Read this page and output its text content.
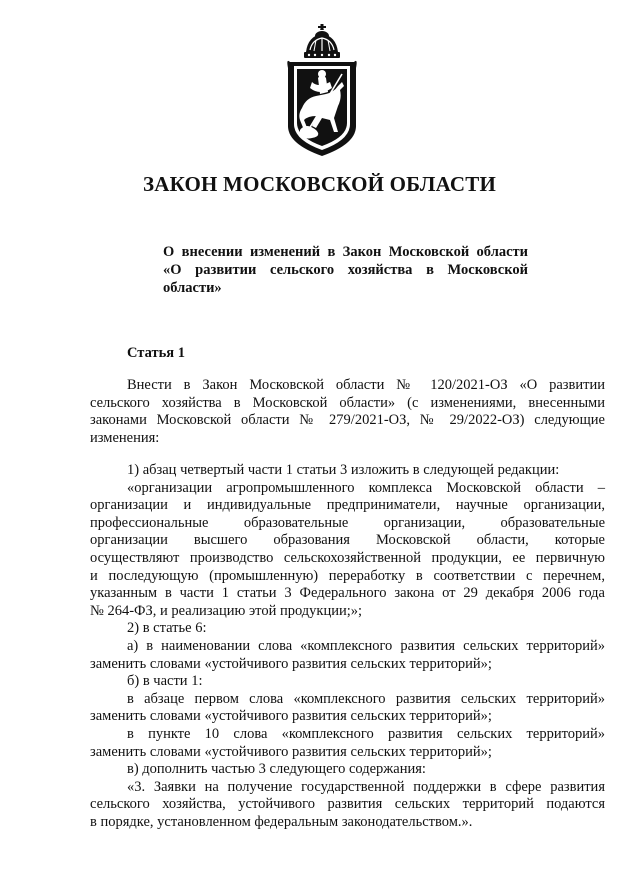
ЗАКОН МОСКОВСКОЙ ОБЛАСТИ
О внесении изменений в Закон Московской области
«О развитии сельского хозяйства в Московской
области»
Статья 1
Внести в Закон Московской области № 120/2021-ОЗ «О развитии
сельского хозяйства в Московской области» (с изменениями, внесенными
законами Московской области № 279/2021-ОЗ, № 29/2022-ОЗ) следующие
изменения:
1) абзац четвертый части 1 статьи 3 изложить в следующей редакции:
«организации агропромышленного комплекса Московской области –
организации и индивидуальные предприниматели, научные организации,
профессиональные образовательные организации, образовательные
организации высшего образования Московской области, которые
осуществляют производство сельскохозяйственной продукции, ее первичную
и последующую (промышленную) переработку в соответствии с перечнем,
указанным в части 1 статьи 3 Федерального закона от 29 декабря 2006 года
№ 264-ФЗ, и реализацию этой продукции;»;
2) в статье 6:
а) в наименовании слова «комплексного развития сельских территорий»
заменить словами «устойчивого развития сельских территорий»;
б) в части 1:
в абзаце первом слова «комплексного развития сельских территорий»
заменить словами «устойчивого развития сельских территорий»;
в пункте 10 слова «комплексного развития сельских территорий»
заменить словами «устойчивого развития сельских территорий»;
в) дополнить частью 3 следующего содержания:
«3. Заявки на получение государственной поддержки в сфере развития
сельского хозяйства, устойчивого развития сельских территорий подаются
в порядке, установленном федеральным законодательством.».
